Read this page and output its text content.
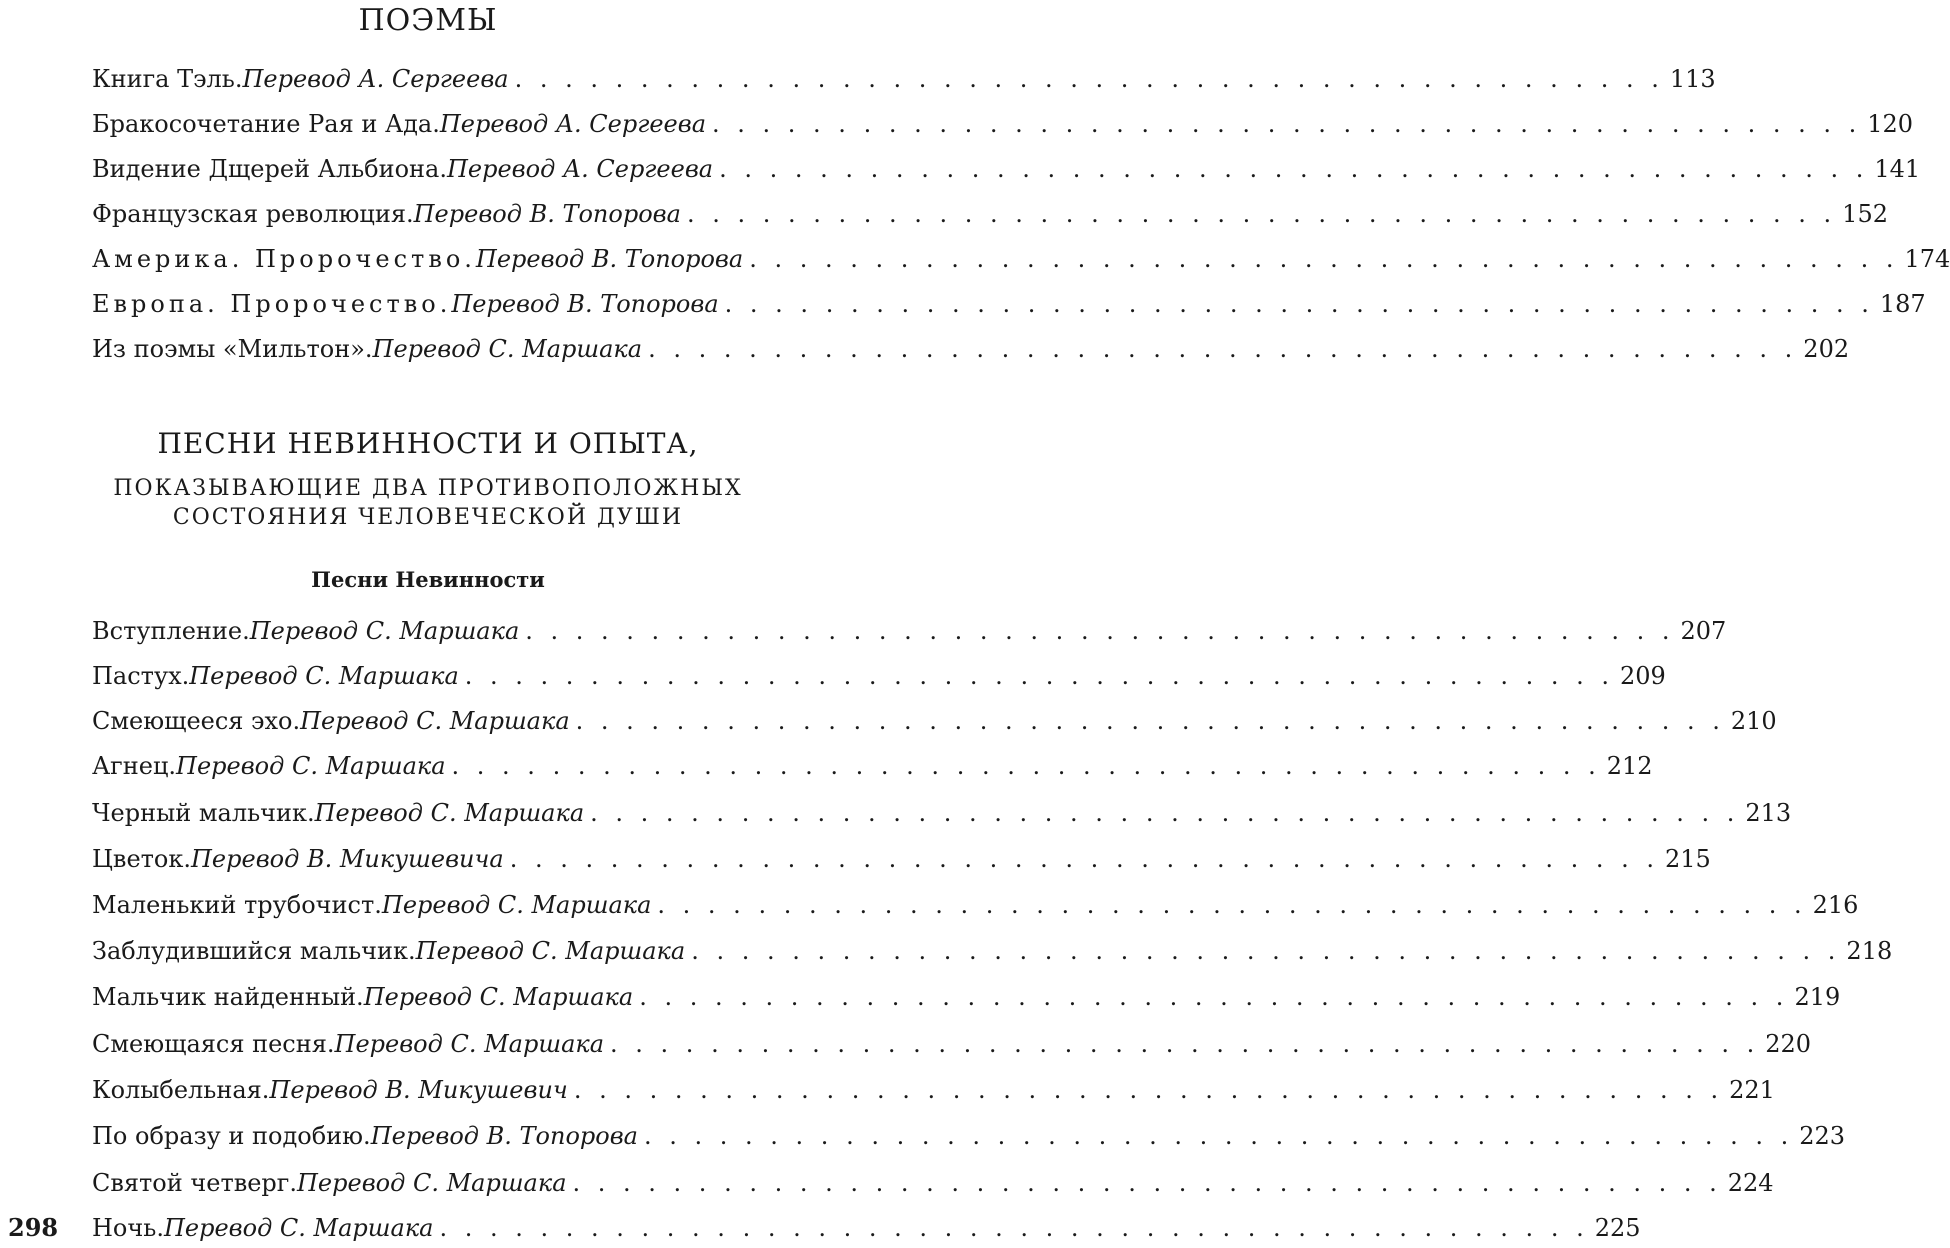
ПОЭМЫ
Книга Тэль. Перевод А. Сергеева . . . . . . . . . . . . . . . . . . . . . . . . . . . . . . . . . . . . . . . . . . . . . . 113
Бракосочетание Рая и Ада. Перевод А. Сергеева . . . . . . . . . . . . . . . . . . . . . . . . . . . . . . . . . . . . . . . . . . . . . . 120
Видение Дщерей Альбиона. Перевод А. Сергеева . . . . . . . . . . . . . . . . . . . . . . . . . . . . . . . . . . . . . . . . . . . . . . 141
Французская революция. Перевод В. Топорова . . . . . . . . . . . . . . . . . . . . . . . . . . . . . . . . . . . . . . . . . . . . . . 152
Америка. Пророчество. Перевод В. Топорова . . . . . . . . . . . . . . . . . . . . . . . . . . . . . . . . . . . . . . . . . . . . . . 174
Европа. Пророчество. Перевод В. Топорова . . . . . . . . . . . . . . . . . . . . . . . . . . . . . . . . . . . . . . . . . . . . . . 187
Из поэмы «Мильтон». Перевод С. Маршака . . . . . . . . . . . . . . . . . . . . . . . . . . . . . . . . . . . . . . . . . . . . . . 202
ПЕСНИ НЕВИННОСТИ И ОПЫТА,
ПОКАЗЫВАЮЩИЕ ДВА ПРОТИВОПОЛОЖНЫХ
СОСТОЯНИЯ ЧЕЛОВЕЧЕСКОЙ ДУШИ
Песни Невинности
Вступление. Перевод С. Маршака . . . . . . . . . . . . . . . . . . . . . . . . . . . . . . . . . . . . . . . . . . . . . . 207
Пастух. Перевод С. Маршака . . . . . . . . . . . . . . . . . . . . . . . . . . . . . . . . . . . . . . . . . . . . . . 209
Смеющееся эхо. Перевод С. Маршака . . . . . . . . . . . . . . . . . . . . . . . . . . . . . . . . . . . . . . . . . . . . . . 210
Агнец. Перевод С. Маршака . . . . . . . . . . . . . . . . . . . . . . . . . . . . . . . . . . . . . . . . . . . . . . 212
Черный мальчик. Перевод С. Маршака . . . . . . . . . . . . . . . . . . . . . . . . . . . . . . . . . . . . . . . . . . . . . . 213
Цветок. Перевод В. Микушевича . . . . . . . . . . . . . . . . . . . . . . . . . . . . . . . . . . . . . . . . . . . . . . 215
Маленький трубочист. Перевод С. Маршака . . . . . . . . . . . . . . . . . . . . . . . . . . . . . . . . . . . . . . . . . . . . . . 216
Заблудившийся мальчик. Перевод С. Маршака . . . . . . . . . . . . . . . . . . . . . . . . . . . . . . . . . . . . . . . . . . . . . . 218
Мальчик найденный. Перевод С. Маршака . . . . . . . . . . . . . . . . . . . . . . . . . . . . . . . . . . . . . . . . . . . . . . 219
Смеющаяся песня. Перевод С. Маршака . . . . . . . . . . . . . . . . . . . . . . . . . . . . . . . . . . . . . . . . . . . . . . 220
Колыбельная. Перевод В. Микушевич . . . . . . . . . . . . . . . . . . . . . . . . . . . . . . . . . . . . . . . . . . . . . . 221
По образу и подобию. Перевод В. Топорова . . . . . . . . . . . . . . . . . . . . . . . . . . . . . . . . . . . . . . . . . . . . . . 223
Святой четверг. Перевод С. Маршака . . . . . . . . . . . . . . . . . . . . . . . . . . . . . . . . . . . . . . . . . . . . . . 224
Ночь. Перевод С. Маршака . . . . . . . . . . . . . . . . . . . . . . . . . . . . . . . . . . . . . . . . . . . . . . 225
298
